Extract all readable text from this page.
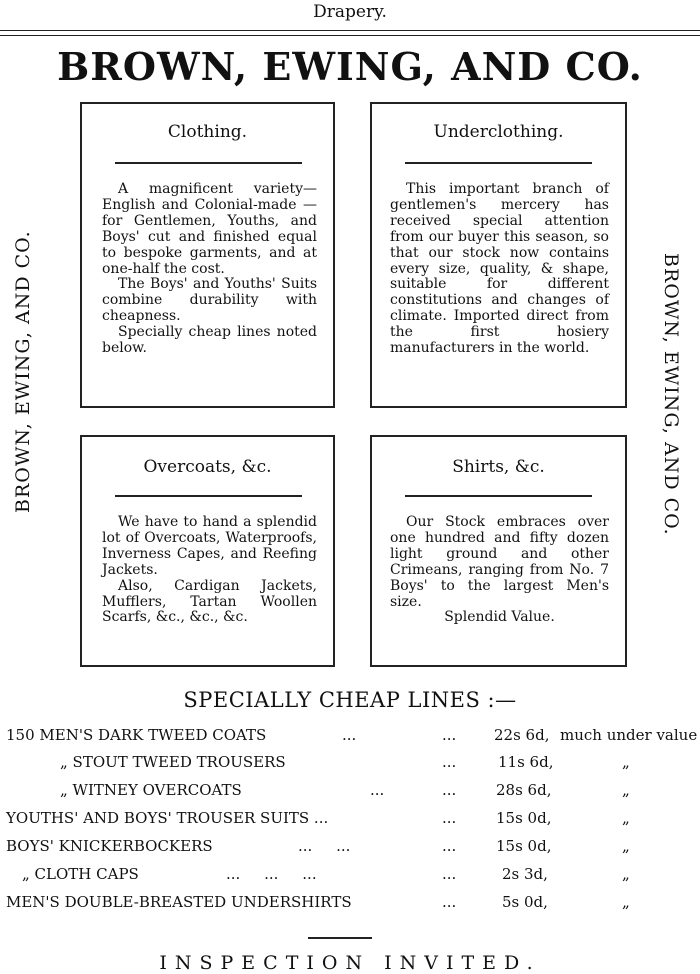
Drapery.
BROWN, EWING, AND CO.
BROWN, EWING, AND CO.	BROWN, EWING, AND CO.
Clothing.
A magnificent variety— English and Colonial-made —for Gentlemen, Youths, and Boys' cut and finished equal to bespoke garments, and at one-half the cost.
The Boys' and Youths' Suits combine durability with cheapness.
Specially cheap lines noted below.
Underclothing.
This important branch of gentlemen's mercery has received special attention from our buyer this season, so that our stock now contains every size, quality, & shape, suitable for different constitutions and changes of climate. Imported direct from the first hosiery manufacturers in the world.
Overcoats, &c.
We have to hand a splendid lot of Overcoats, Waterproofs, Inverness Capes, and Reefing Jackets.
Also, Cardigan Jackets, Mufflers, Tartan Woollen Scarfs, &c., &c., &c.
Shirts, &c.
Our Stock embraces over one hundred and fifty dozen light ground and other Crimeans, ranging from No. 7 Boys' to the largest Men's size.
Splendid Value.
SPECIALLY CHEAP LINES :—
150 MEN'S DARK TWEED COATS	...	...	22s 6d, much under value
„ STOUT TWEED TROUSERS	...	11s 6d,	„
„ WITNEY OVERCOATS	...	...	28s 6d,	„
YOUTHS' AND BOYS' TROUSER SUITS ...	...	15s 0d,	„
BOYS' KNICKERBOCKERS	...     ...	...	15s 0d,	„
„ CLOTH CAPS	...     ...     ...	...	2s 3d,	„
MEN'S DOUBLE-BREASTED UNDERSHIRTS	...	5s 0d,	„
INSPECTION INVITED.
